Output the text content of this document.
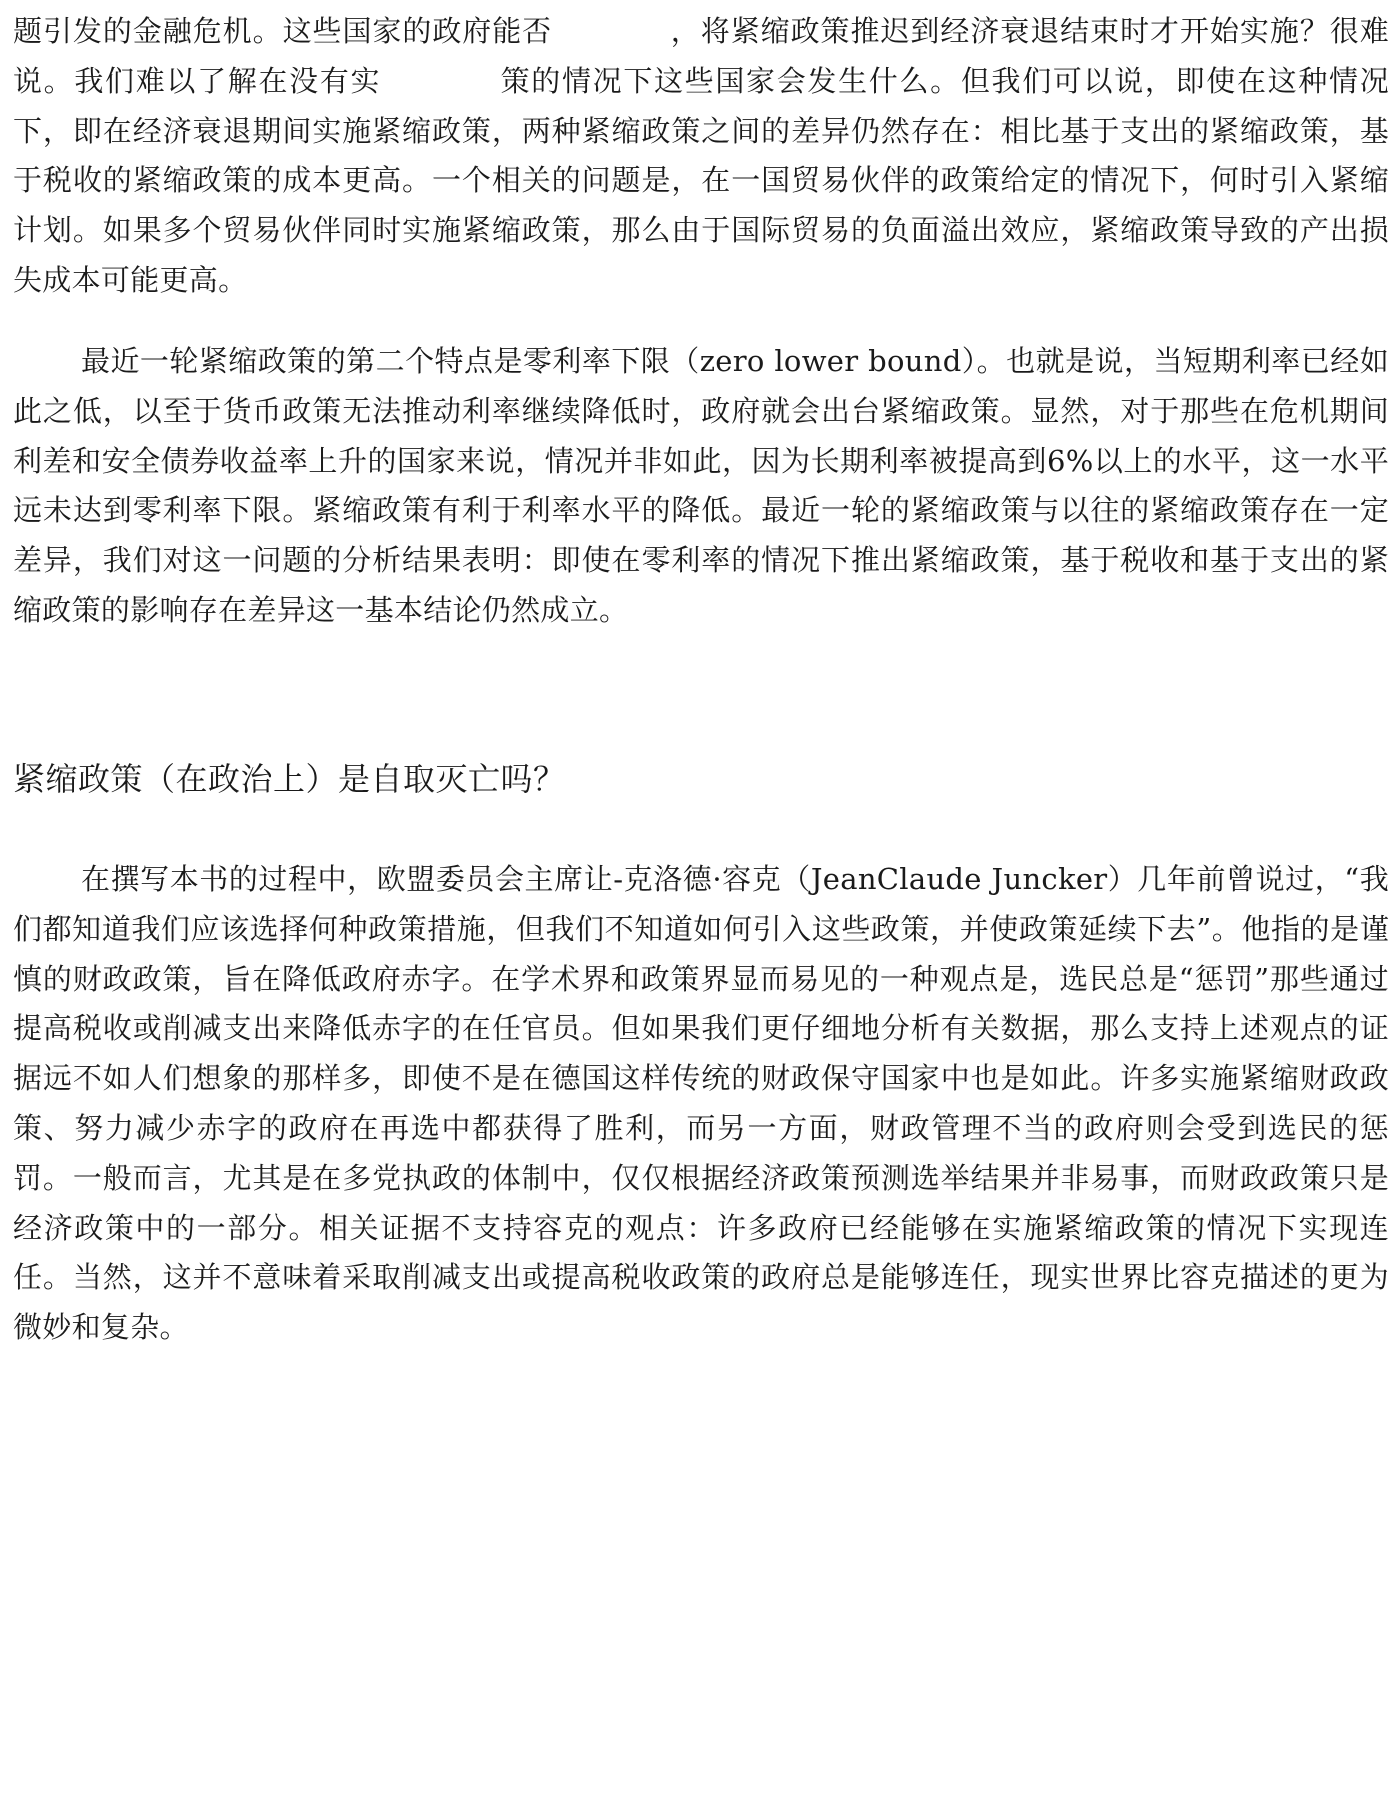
题引发的金融危机。这些国家的政府能否	，将紧缩政策推迟到经济衰退结束时才开始实施？很难说。我们难以了解在没有实	策的情况下这些国家会发生什么。但我们可以说，即使在这种情况下，即在经济衰退期间实施紧缩政策，两种紧缩政策之间的差异仍然存在：相比基于支出的紧缩政策，基于税收的紧缩政策的成本更高。一个相关的问题是，在一国贸易伙伴的政策给定的情况下，何时引入紧缩计划。如果多个贸易伙伴同时实施紧缩政策，那么由于国际贸易的负面溢出效应，紧缩政策导致的产出损失成本可能更高。

最近一轮紧缩政策的第二个特点是零利率下限（zero lower bound）。也就是说，当短期利率已经如此之低，以至于货币政策无法推动利率继续降低时，政府就会出台紧缩政策。显然，对于那些在危机期间利差和安全债券收益率上升的国家来说，情况并非如此，因为长期利率被提高到6%以上的水平，这一水平远未达到零利率下限。紧缩政策有利于利率水平的降低。最近一轮的紧缩政策与以往的紧缩政策存在一定差异，我们对这一问题的分析结果表明：即使在零利率的情况下推出紧缩政策，基于税收和基于支出的紧缩政策的影响存在差异这一基本结论仍然成立。

紧缩政策（在政治上）是自取灭亡吗？

在撰写本书的过程中，欧盟委员会主席让-克洛德·容克（JeanClaude Juncker）几年前曾说过，“我们都知道我们应该选择何种政策措施，但我们不知道如何引入这些政策，并使政策延续下去”。他指的是谨慎的财政政策，旨在降低政府赤字。在学术界和政策界显而易见的一种观点是，选民总是“惩罚”那些通过提高税收或削减支出来降低赤字的在任官员。但如果我们更仔细地分析有关数据，那么支持上述观点的证据远不如人们想象的那样多，即使不是在德国这样传统的财政保守国家中也是如此。许多实施紧缩财政政策、努力减少赤字的政府在再选中都获得了胜利，而另一方面，财政管理不当的政府则会受到选民的惩罚。一般而言，尤其是在多党执政的体制中，仅仅根据经济政策预测选举结果并非易事，而财政政策只是经济政策中的一部分。相关证据不支持容克的观点：许多政府已经能够在实施紧缩政策的情况下实现连任。当然，这并不意味着采取削减支出或提高税收政策的政府总是能够连任，现实世界比容克描述的更为微妙和复杂。
